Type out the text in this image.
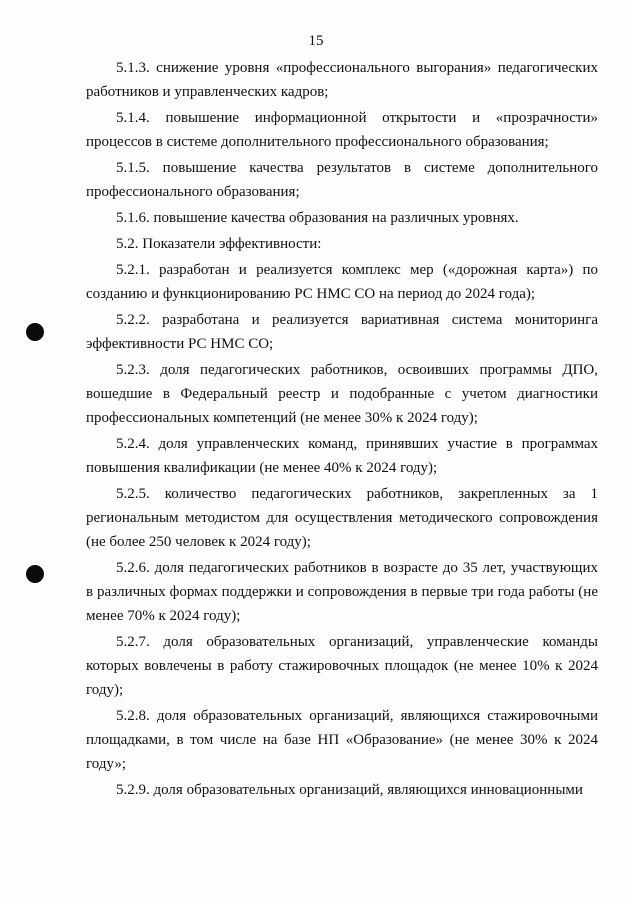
15

5.1.3. снижение уровня «профессионального выгорания» педагогических работников и управленческих кадров;

5.1.4. повышение информационной открытости и «прозрачности» процессов в системе дополнительного профессионального образования;

5.1.5. повышение качества результатов в системе дополнительного профессионального образования;

5.1.6. повышение качества образования на различных уровнях.

5.2. Показатели эффективности:

5.2.1. разработан и реализуется комплекс мер («дорожная карта») по созданию и функционированию РС НМС СО на период до 2024 года);

5.2.2. разработана и реализуется вариативная система мониторинга эффективности РС НМС СО;

5.2.3. доля педагогических работников, освоивших программы ДПО, вошедшие в Федеральный реестр и подобранные с учетом диагностики профессиональных компетенций (не менее 30% к 2024 году);

5.2.4. доля управленческих команд, принявших участие в программах повышения квалификации (не менее 40% к 2024 году);

5.2.5. количество педагогических работников, закрепленных за 1 региональным методистом для осуществления методического сопровождения (не более 250 человек к 2024 году);

5.2.6. доля педагогических работников в возрасте до 35 лет, участвующих в различных формах поддержки и сопровождения в первые три года работы (не менее 70% к 2024 году);

5.2.7. доля образовательных организаций, управленческие команды которых вовлечены в работу стажировочных площадок (не менее 10% к 2024 году);

5.2.8. доля образовательных организаций, являющихся стажировочными площадками, в том числе на базе НП «Образование» (не менее 30% к 2024 году»;

5.2.9. доля образовательных организаций, являющихся инновационными
